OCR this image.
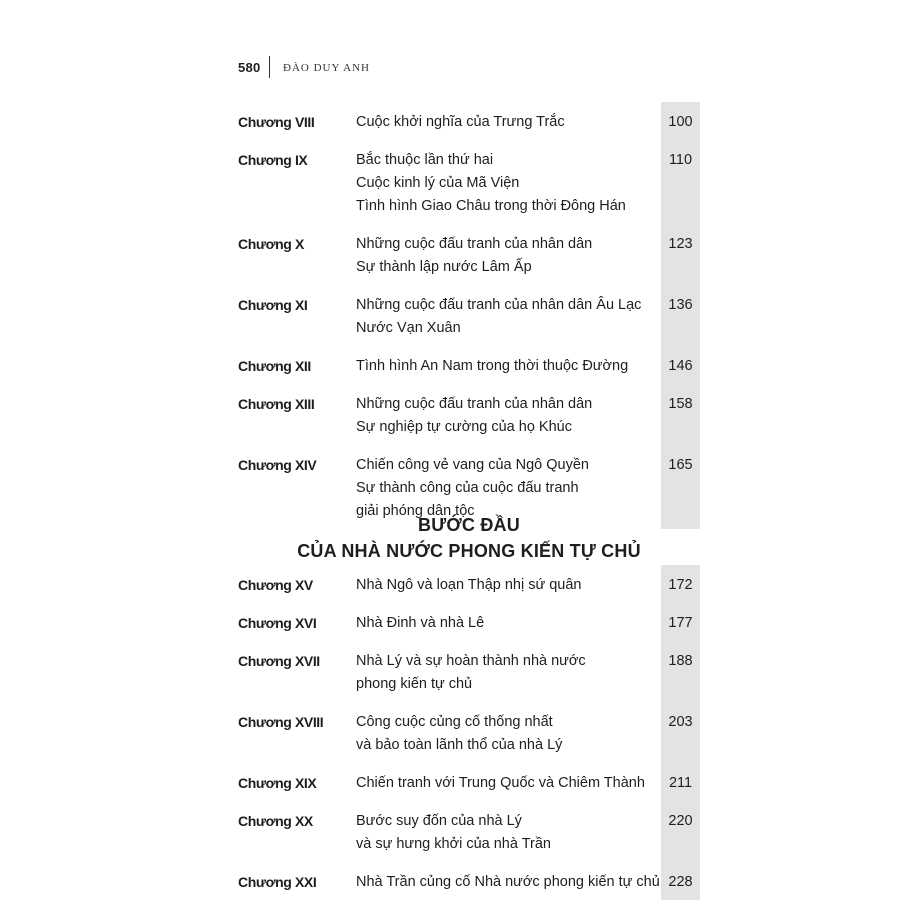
580 ĐÀO DUY ANH
Chương VIII	Cuộc khởi nghĩa của Trưng Trắc	100
Chương IX	Bắc thuộc lần thứ hai
Cuộc kinh lý của Mã Viện
Tình hình Giao Châu trong thời Đông Hán
110
Chương X	Những cuộc đấu tranh của nhân dân
Sự thành lập nước Lâm Ấp
123
Chương XI	Những cuộc đấu tranh của nhân dân Âu Lạc
Nước Vạn Xuân
136
Chương XII	Tình hình An Nam trong thời thuộc Đường	146
Chương XIII	Những cuộc đấu tranh của nhân dân
Sự nghiệp tự cường của họ Khúc
158
Chương XIV	Chiến công vẻ vang của Ngô Quyền
Sự thành công của cuộc đấu tranh
giải phóng dân tộc
165
BƯỚC ĐẦU
CỦA NHÀ NƯỚC PHONG KIẾN TỰ CHỦ
Chương XV	Nhà Ngô và loạn Thập nhị sứ quân	172
Chương XVI	Nhà Đinh và nhà Lê	177
Chương XVII	Nhà Lý và sự hoàn thành nhà nước
phong kiến tự chủ
188
Chương XVIII	Công cuộc củng cố thống nhất
và bảo toàn lãnh thổ của nhà Lý
203
Chương XIX	Chiến tranh với Trung Quốc và Chiêm Thành	211
Chương XX	Bước suy đốn của nhà Lý
và sự hưng khởi của nhà Trần
220
Chương XXI	Nhà Trần củng cố Nhà nước phong kiến tự chủ 228
